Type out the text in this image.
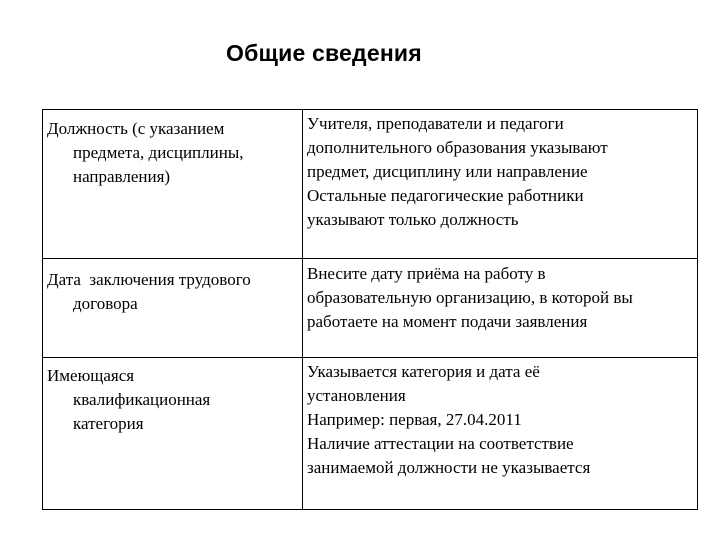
Общие сведения
Должность (с указанием
предмета, дисциплины,
направления)	Учителя, преподаватели и педагоги
дополнительного образования указывают
предмет, дисциплину или направление
Остальные педагогические работники
указывают только должность

Дата  заключения трудового
договора	Внесите дату приёма на работу в
образовательную организацию, в которой вы
работаете на момент подачи заявления

Имеющаяся
квалификационная
категория	Указывается категория и дата её
установления
Например: первая, 27.04.2011
Наличие аттестации на соответствие
занимаемой должности не указывается
